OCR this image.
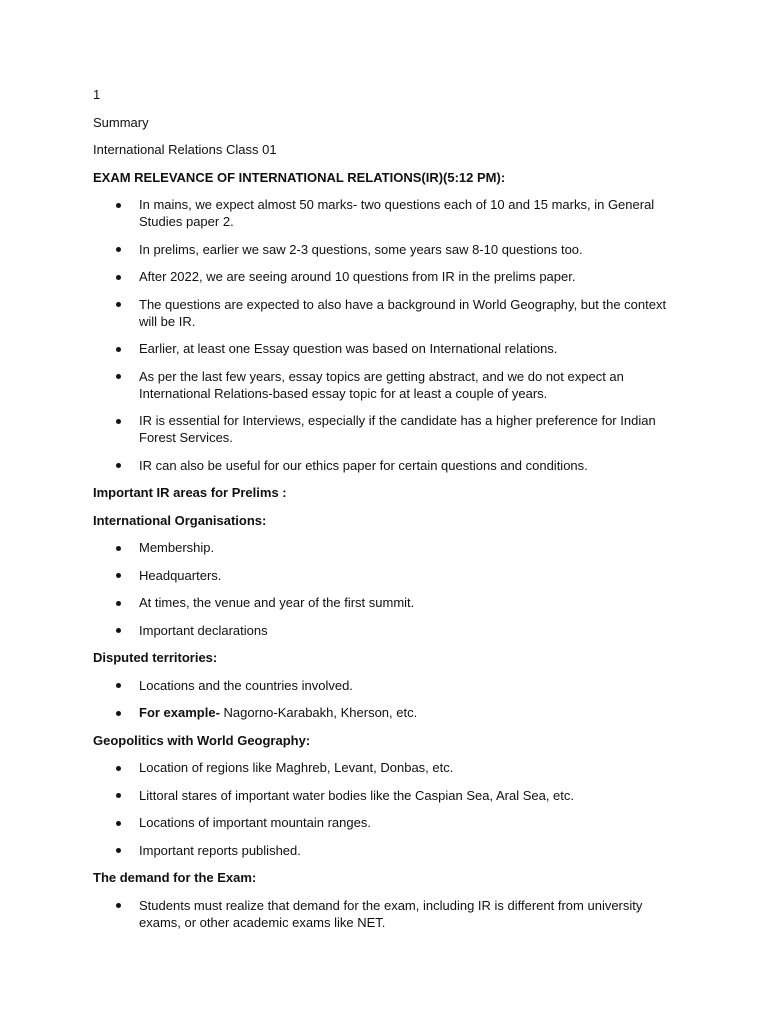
1
Summary
International Relations Class 01
EXAM RELEVANCE OF INTERNATIONAL RELATIONS(IR)(5:12 PM):
In mains, we expect almost 50 marks- two questions each of 10 and 15 marks, in General Studies paper 2.
In prelims, earlier we saw 2-3 questions, some years saw 8-10 questions too.
After 2022, we are seeing around 10 questions from IR in the prelims paper.
The questions are expected to also have a background in World Geography, but the context will be IR.
Earlier, at least one Essay question was based on International relations.
As per the last few years, essay topics are getting abstract, and we do not expect an International Relations-based essay topic for at least a couple of years.
IR is essential for Interviews, especially if the candidate has a higher preference for Indian Forest Services.
IR can also be useful for our ethics paper for certain questions and conditions.
Important IR areas for Prelims :
International Organisations:
Membership.
Headquarters.
At times, the venue and year of the first summit.
Important declarations
Disputed territories:
Locations and the countries involved.
For example- Nagorno-Karabakh, Kherson, etc.
Geopolitics with World Geography:
Location of regions like Maghreb, Levant, Donbas, etc.
Littoral stares of important water bodies like the Caspian Sea, Aral Sea, etc.
Locations of important mountain ranges.
Important reports published.
The demand for the Exam:
Students must realize that demand for the exam, including IR is different from university exams, or other academic exams like NET.
